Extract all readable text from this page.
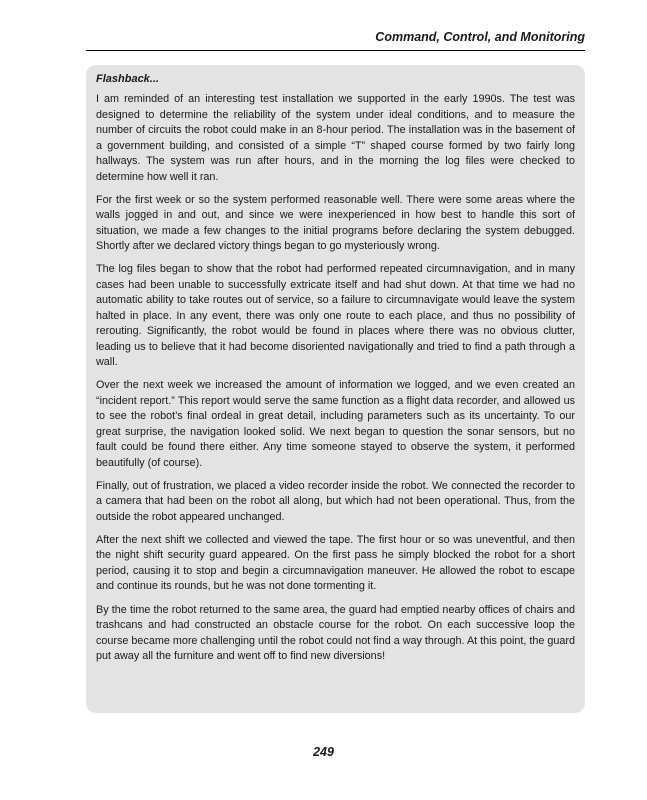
Command, Control, and Monitoring

Flashback...

I am reminded of an interesting test installation we supported in the early 1990s. The test was designed to determine the reliability of the system under ideal conditions, and to measure the number of circuits the robot could make in an 8-hour period. The installation was in the basement of a government building, and consisted of a simple “T” shaped course formed by two fairly long hallways. The system was run after hours, and in the morning the log files were checked to determine how well it ran.

For the first week or so the system performed reasonable well. There were some areas where the walls jogged in and out, and since we were inexperienced in how best to handle this sort of situation, we made a few changes to the initial programs before declaring the system debugged. Shortly after we declared victory things began to go mysteriously wrong.

The log files began to show that the robot had performed repeated circumnavigation, and in many cases had been unable to successfully extricate itself and had shut down. At that time we had no automatic ability to take routes out of service, so a failure to circumnavigate would leave the system halted in place. In any event, there was only one route to each place, and thus no possibility of rerouting. Significantly, the robot would be found in places where there was no obvious clutter, leading us to believe that it had become disoriented navigationally and tried to find a path through a wall.

Over the next week we increased the amount of information we logged, and we even created an “incident report.” This report would serve the same function as a flight data recorder, and allowed us to see the robot’s final ordeal in great detail, including parameters such as its uncertainty. To our great surprise, the navigation looked solid. We next began to question the sonar sensors, but no fault could be found there either. Any time someone stayed to observe the system, it performed beautifully (of course).

Finally, out of frustration, we placed a video recorder inside the robot. We connected the recorder to a camera that had been on the robot all along, but which had not been operational. Thus, from the outside the robot appeared unchanged.

After the next shift we collected and viewed the tape. The first hour or so was uneventful, and then the night shift security guard appeared. On the first pass he simply blocked the robot for a short period, causing it to stop and begin a circumnavigation maneuver. He allowed the robot to escape and continue its rounds, but he was not done tormenting it.

By the time the robot returned to the same area, the guard had emptied nearby offices of chairs and trashcans and had constructed an obstacle course for the robot. On each successive loop the course became more challenging until the robot could not find a way through. At this point, the guard put away all the furniture and went off to find new diversions!

249
